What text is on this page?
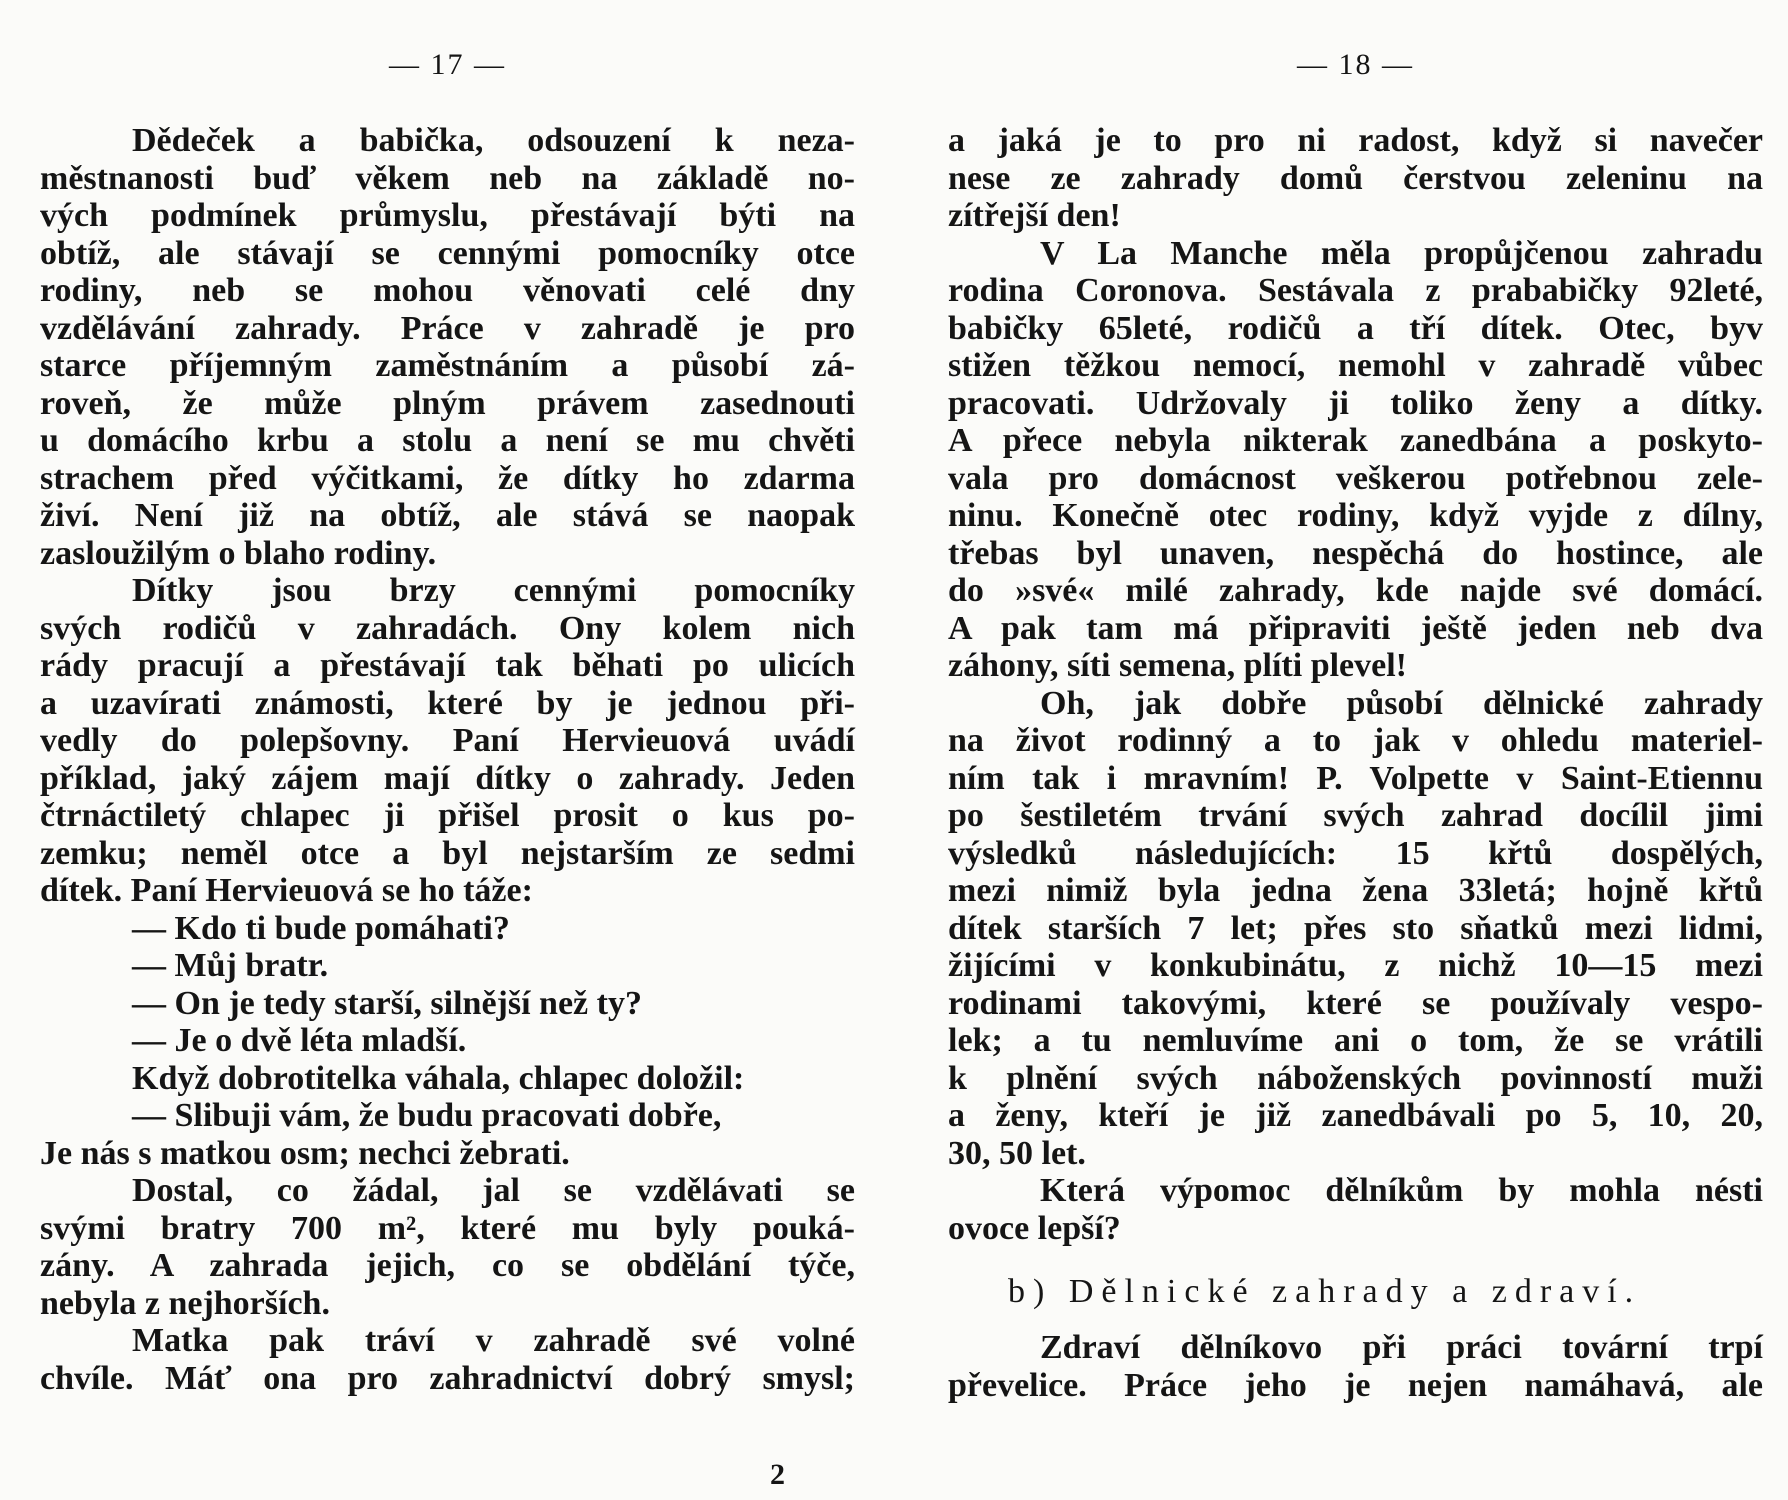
— 17 —
Dědeček a babička, odsouzení k neza-
městnanosti buď věkem neb na základě no-
vých podmínek průmyslu, přestávají býti na
obtíž, ale stávají se cennými pomocníky otce
rodiny, neb se mohou věnovati celé dny
vzdělávání zahrady. Práce v zahradě je pro
starce příjemným zaměstnáním a působí zá-
roveň, že může plným právem zasednouti
u domácího krbu a stolu a není se mu chvěti
strachem před výčitkami, že dítky ho zdarma
živí. Není již na obtíž, ale stává se naopak
zasloužilým o blaho rodiny.
Dítky jsou brzy cennými pomocníky
svých rodičů v zahradách. Ony kolem nich
rády pracují a přestávají tak běhati po ulicích
a uzavírati známosti, které by je jednou při-
vedly do polepšovny. Paní Hervieuová uvádí
příklad, jaký zájem mají dítky o zahrady. Jeden
čtrnáctiletý chlapec ji přišel prosit o kus po-
zemku; neměl otce a byl nejstarším ze sedmi
dítek. Paní Hervieuová se ho táže:
— Kdo ti bude pomáhati?
— Můj bratr.
— On je tedy starší, silnější než ty?
— Je o dvě léta mladší.
Když dobrotitelka váhala, chlapec doložil:
— Slibuji vám, že budu pracovati dobře,
Je nás s matkou osm; nechci žebrati.
Dostal, co žádal, jal se vzdělávati se
svými bratry 700 m², které mu byly pouká-
zány. A zahrada jejich, co se obdělání týče,
nebyla z nejhorších.
Matka pak tráví v zahradě své volné
chvíle. Máť ona pro zahradnictví dobrý smysl;
2
— 18 —
a jaká je to pro ni radost, když si navečer
nese ze zahrady domů čerstvou zeleninu na
zítřejší den!
V La Manche měla propůjčenou zahradu
rodina Coronova. Sestávala z prababičky 92leté,
babičky 65leté, rodičů a tří dítek. Otec, byv
stižen těžkou nemocí, nemohl v zahradě vůbec
pracovati. Udržovaly ji toliko ženy a dítky.
A přece nebyla nikterak zanedbána a poskyto-
vala pro domácnost veškerou potřebnou zele-
ninu. Konečně otec rodiny, když vyjde z dílny,
třebas byl unaven, nespěchá do hostince, ale
do »své« milé zahrady, kde najde své domácí.
A pak tam má připraviti ještě jeden neb dva
záhony, síti semena, plíti plevel!
Oh, jak dobře působí dělnické zahrady
na život rodinný a to jak v ohledu materiel-
ním tak i mravním! P. Volpette v Saint-Etiennu
po šestiletém trvání svých zahrad docílil jimi
výsledků následujících: 15 křtů dospělých,
mezi nimiž byla jedna žena 33letá; hojně křtů
dítek starších 7 let; přes sto sňatků mezi lidmi,
žijícími v konkubinátu, z nichž 10—15 mezi
rodinami takovými, které se používaly vespo-
lek; a tu nemluvíme ani o tom, že se vrátili
k plnění svých náboženských povinností muži
a ženy, kteří je již zanedbávali po 5, 10, 20,
30, 50 let.
Která výpomoc dělníkům by mohla nésti
ovoce lepší?
b) Dělnické zahrady a zdraví.
Zdraví dělníkovo při práci tovární trpí
převelice. Práce jeho je nejen namáhavá, ale
